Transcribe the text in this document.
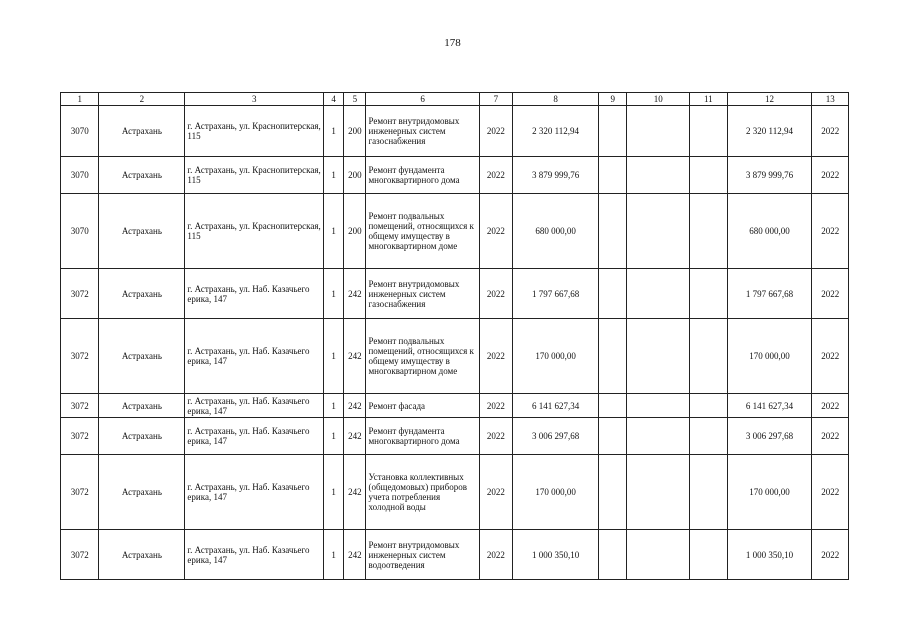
178
1	2	3	4	5	6	7	8	9	10	11	12	13
3070	Астрахань	г. Астрахань, ул. Краснопитерская, 115	1	200	Ремонт внутридомовых инженерных систем газоснабжения	2022	2 320 112,94				2 320 112,94	2022
3070	Астрахань	г. Астрахань, ул. Краснопитерская, 115	1	200	Ремонт фундамента многоквартирного дома	2022	3 879 999,76				3 879 999,76	2022
3070	Астрахань	г. Астрахань, ул. Краснопитерская, 115	1	200	Ремонт подвальных помещений, относящихся к общему имуществу в многоквартирном доме	2022	680 000,00				680 000,00	2022
3072	Астрахань	г. Астрахань, ул. Наб. Казачьего ерика, 147	1	242	Ремонт внутридомовых инженерных систем газоснабжения	2022	1 797 667,68				1 797 667,68	2022
3072	Астрахань	г. Астрахань, ул. Наб. Казачьего ерика, 147	1	242	Ремонт подвальных помещений, относящихся к общему имуществу в многоквартирном доме	2022	170 000,00				170 000,00	2022
3072	Астрахань	г. Астрахань, ул. Наб. Казачьего ерика, 147	1	242	Ремонт фасада	2022	6 141 627,34				6 141 627,34	2022
3072	Астрахань	г. Астрахань, ул. Наб. Казачьего ерика, 147	1	242	Ремонт фундамента многоквартирного дома	2022	3 006 297,68				3 006 297,68	2022
3072	Астрахань	г. Астрахань, ул. Наб. Казачьего ерика, 147	1	242	Установка коллективных (общедомовых) приборов учета потребления холодной воды	2022	170 000,00				170 000,00	2022
3072	Астрахань	г. Астрахань, ул. Наб. Казачьего ерика, 147	1	242	Ремонт внутридомовых инженерных систем водоотведения	2022	1 000 350,10				1 000 350,10	2022
